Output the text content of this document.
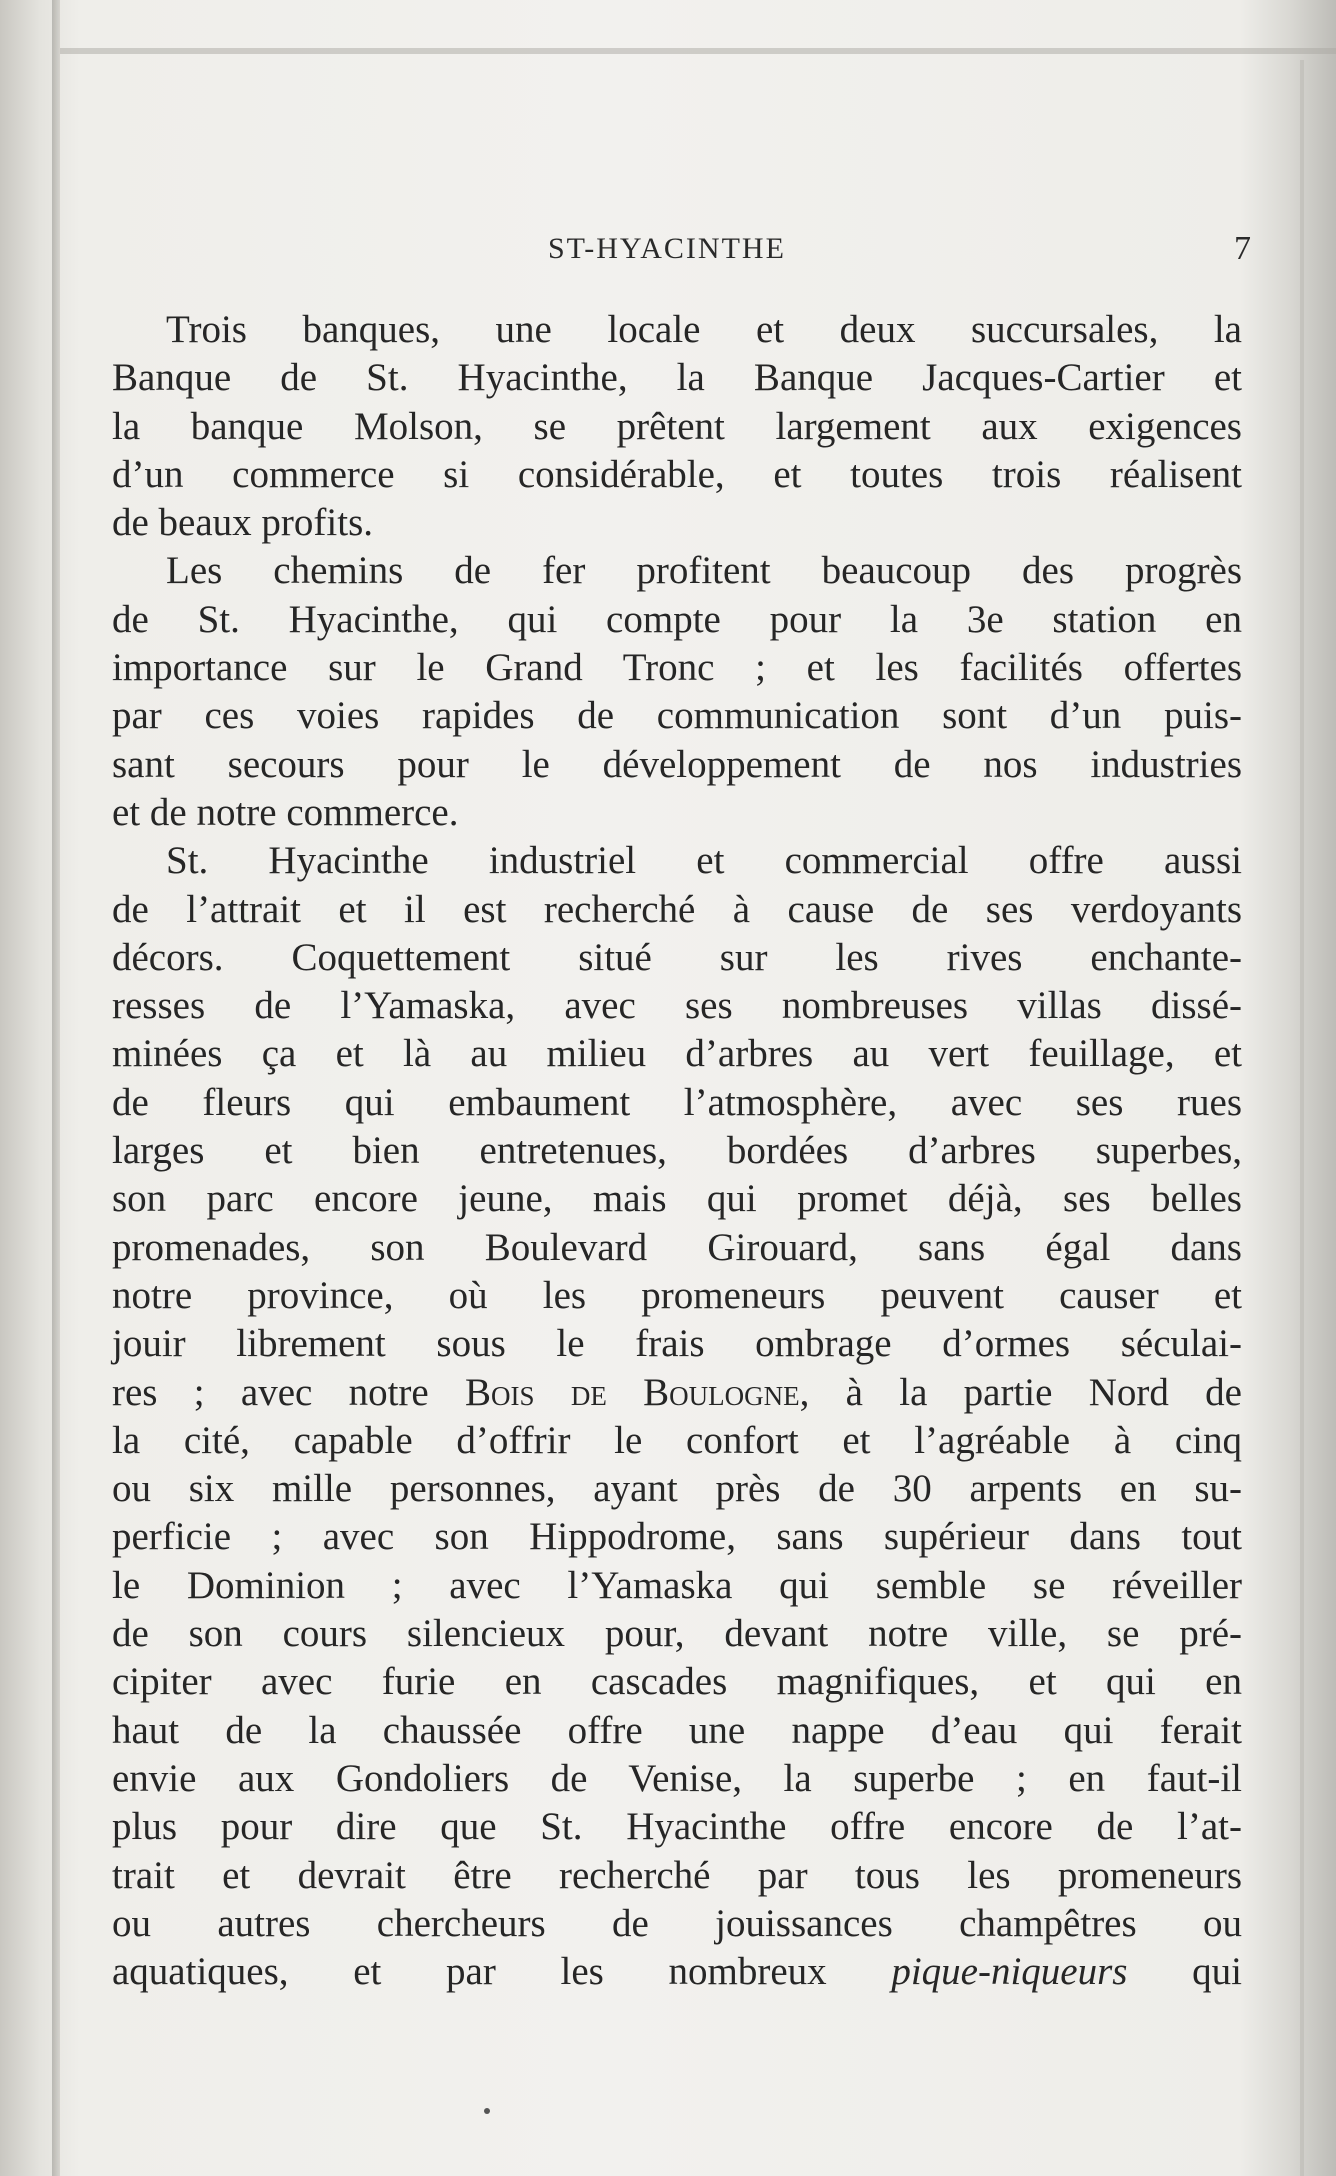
ST-HYACINTHE	7
Trois banques, une locale et deux succursales, la
Banque de St. Hyacinthe, la Banque Jacques-Cartier et
la banque Molson, se prêtent largement aux exigences
d’un commerce si considérable, et toutes trois réalisent
de beaux profits.
Les chemins de fer profitent beaucoup des progrès
de St. Hyacinthe, qui compte pour la 3e station en
importance sur le Grand Tronc ; et les facilités offertes
par ces voies rapides de communication sont d’un puis-
sant secours pour le développement de nos industries
et de notre commerce.
St. Hyacinthe industriel et commercial offre aussi
de l’attrait et il est recherché à cause de ses verdoyants
décors. Coquettement situé sur les rives enchante-
resses de l’Yamaska, avec ses nombreuses villas dissé-
minées ça et là au milieu d’arbres au vert feuillage, et
de fleurs qui embaument l’atmosphère, avec ses rues
larges et bien entretenues, bordées d’arbres superbes,
son parc encore jeune, mais qui promet déjà, ses belles
promenades, son Boulevard Girouard, sans égal dans
notre province, où les promeneurs peuvent causer et
jouir librement sous le frais ombrage d’ormes séculai-
res ; avec notre Bois de Boulogne, à la partie Nord de
la cité, capable d’offrir le confort et l’agréable à cinq
ou six mille personnes, ayant près de 30 arpents en su-
perficie ; avec son Hippodrome, sans supérieur dans tout
le Dominion ; avec l’Yamaska qui semble se réveiller
de son cours silencieux pour, devant notre ville, se pré-
cipiter avec furie en cascades magnifiques, et qui en
haut de la chaussée offre une nappe d’eau qui ferait
envie aux Gondoliers de Venise, la superbe ; en faut-il
plus pour dire que St. Hyacinthe offre encore de l’at-
trait et devrait être recherché par tous les promeneurs
ou autres chercheurs de jouissances champêtres ou
aquatiques, et par les nombreux pique-niqueurs qui
